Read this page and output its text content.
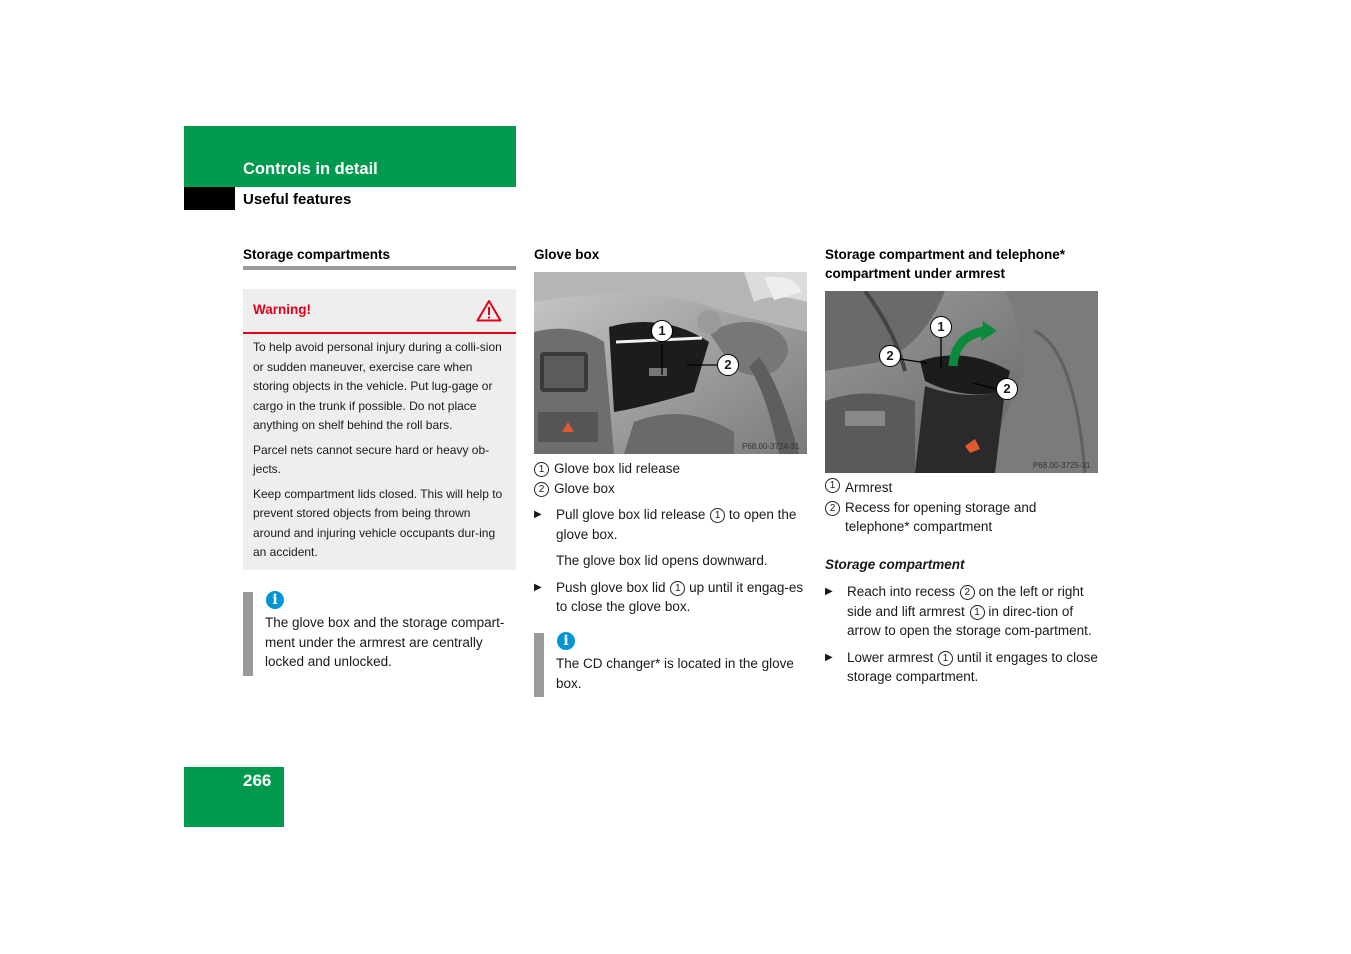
Controls in detail
Useful features
Storage compartments
Warning!

To help avoid personal injury during a colli-sion or sudden maneuver, exercise care when storing objects in the vehicle. Put lug-gage or cargo in the trunk if possible. Do not place anything on shelf behind the roll bars.

Parcel nets cannot secure hard or heavy ob-jects.

Keep compartment lids closed. This will help to prevent stored objects from being thrown around and injuring vehicle occupants dur-ing an accident.

i
The glove box and the storage compart-ment under the armrest are centrally locked and unlocked.
Glove box
1
2
P68.00-3724-31
1 Glove box lid release
2 Glove box
▶	Pull glove box lid release 1 to open the glove box.
The glove box lid opens downward.
▶	Push glove box lid 1 up until it engag-es to close the glove box.
i
The CD changer* is located in the glove box.
Storage compartment and telephone* compartment under armrest
1
2
2
P68.00-3725-31
1 Armrest
2 Recess for opening storage and telephone* compartment
Storage compartment
▶	Reach into recess 2 on the left or right side and lift armrest 1 in direc-tion of arrow to open the storage com-partment.
▶	Lower armrest 1 until it engages to close storage compartment.
266
